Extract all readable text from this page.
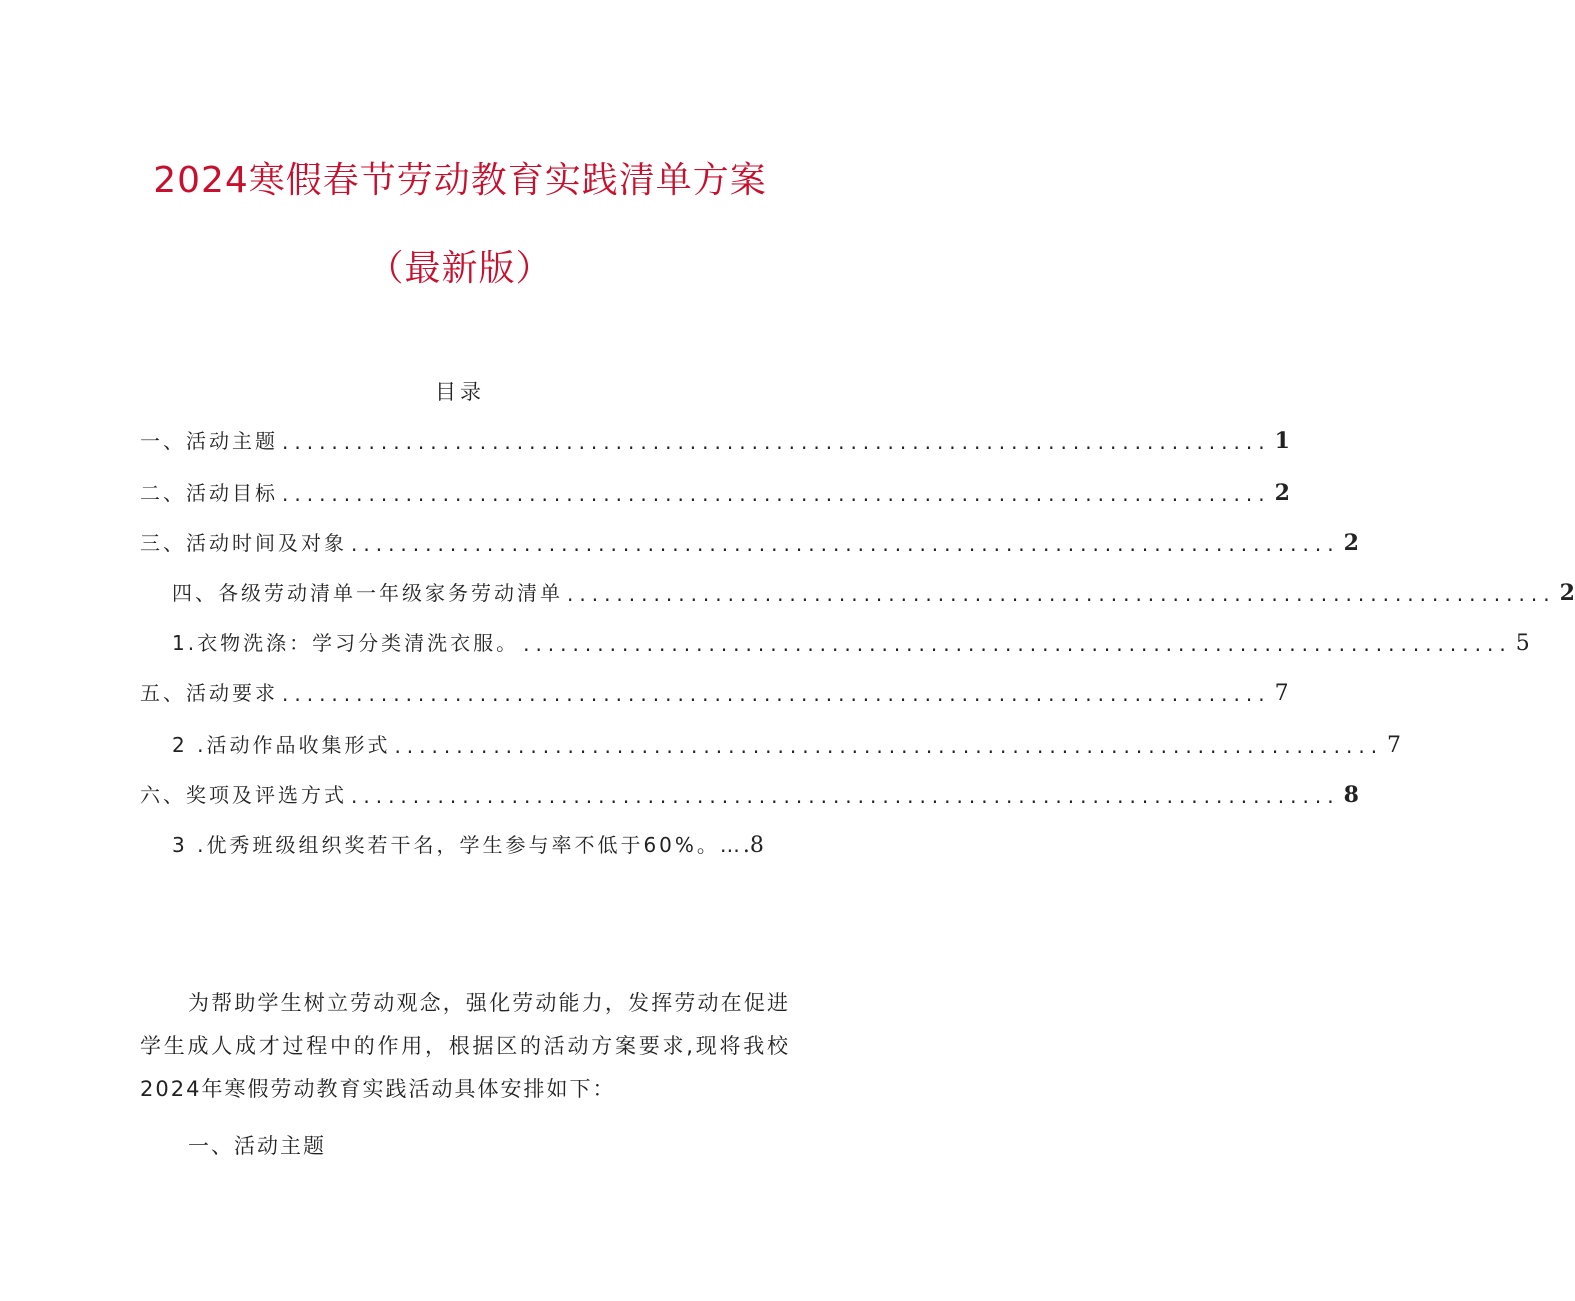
2024寒假春节劳动教育实践清单方案
（最新版）
目录
一、活动主题 ................................................................................ 1
二、活动目标 ................................................................................ 2
三、活动时间及对象 ................................................................................ 2
四、各级劳动清单一年级家务劳动清单 ................................................................................ 2
1.衣物洗涤：学习分类清洗衣服。 ................................................................................ 5
五、活动要求 ................................................................................ 7
2 .活动作品收集形式 ................................................................................ 7
六、奖项及评选方式 ................................................................................ 8
3 .优秀班级组织奖若干名，学生参与率不低于60%。….8
为帮助学生树立劳动观念，强化劳动能力，发挥劳动在促进学生成人成才过程中的作用，根据区的活动方案要求,现将我校2024年寒假劳动教育实践活动具体安排如下：
一、活动主题
